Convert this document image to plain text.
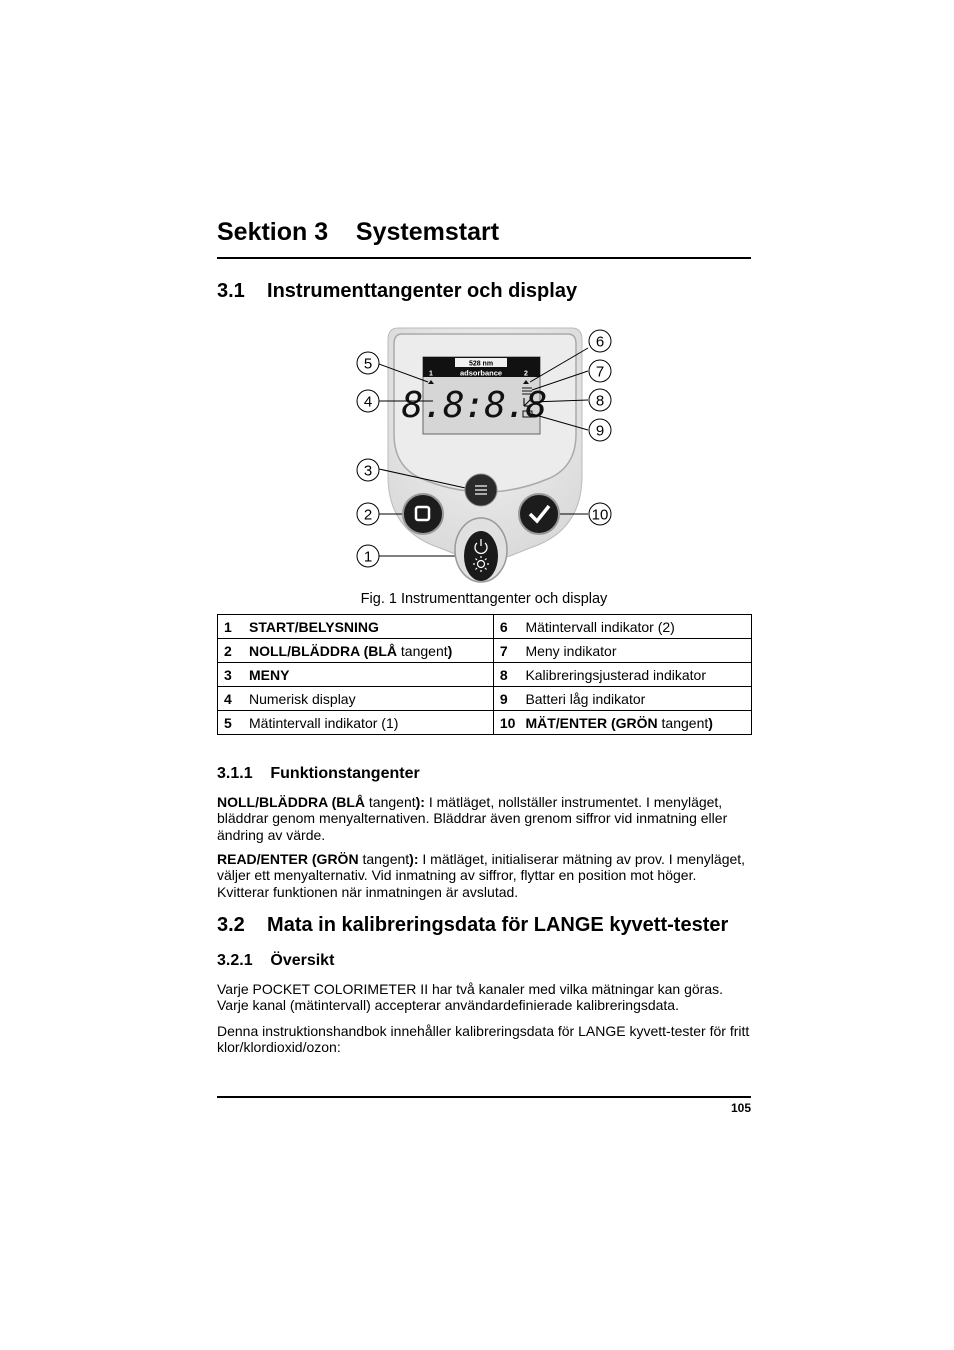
Sektion 3    Systemstart
3.1    Instrumenttangenter och display
528 nm
adsorbance
1	2
8.8:8.8
1
2
3
4
5
6
7
8
9
10
Fig. 1 Instrumenttangenter och display
1	START/BELYSNING	6	Mätintervall indikator (2)
2	NOLL/BLÄDDRA (BLÅ tangent)	7	Meny indikator
3	MENY	8	Kalibreringsjusterad indikator
4	Numerisk display	9	Batteri låg indikator
5	Mätintervall indikator (1)	10	MÄT/ENTER (GRÖN tangent)
3.1.1    Funktionstangenter
NOLL/BLÄDDRA (BLÅ tangent): I mätläget, nollställer instrumentet. I menyläget, bläddrar genom menyalternativen. Bläddrar även grenom siffror vid inmatning eller ändring av värde.
READ/ENTER (GRÖN tangent): I mätläget, initialiserar mätning av prov. I menyläget, väljer ett menyalternativ. Vid inmatning av siffror, flyttar en position mot höger. Kvitterar funktionen när inmatningen är avslutad.
3.2    Mata in kalibreringsdata för LANGE kyvett-tester
3.2.1    Översikt
Varje POCKET COLORIMETER II har två kanaler med vilka mätningar kan göras. Varje kanal (mätintervall) accepterar användardefinierade kalibreringsdata.
Denna instruktionshandbok innehåller kalibreringsdata för LANGE kyvett-tester för fritt klor/klordioxid/ozon:
105
